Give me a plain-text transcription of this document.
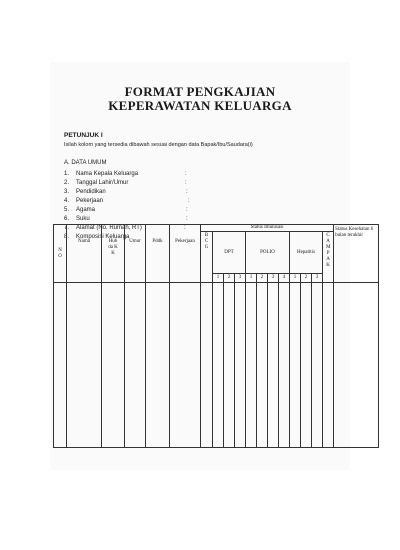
FORMAT PENGKAJIAN
KEPERAWATAN KELUARGA
PETUNJUK I
Isilah kolom yang tersedia dibawah sesuai dengan data Bapak/Ibu/Saudara(i)
A. DATA UMUM
1. Nama Kepala Keluarga	:
2. Tanggal Lahir/Umur	:
3. Pendidikan	:
4. Pekerjaan	:
5. Agama	:
6. Suku	:
7. Alamat (No. Rumah, RT)	:
8. Komposisi Keluarga
N O	Nama	Hub da KK	Umur	Pddk	Pekerjaan	Status Imunisasi												Status Kesehatan 6 bulan terakhir
						BCG	DPT			POLIO				Hepatitis			CAMPAK	
							1	2	3	1	2	3	4	1	2	3		
